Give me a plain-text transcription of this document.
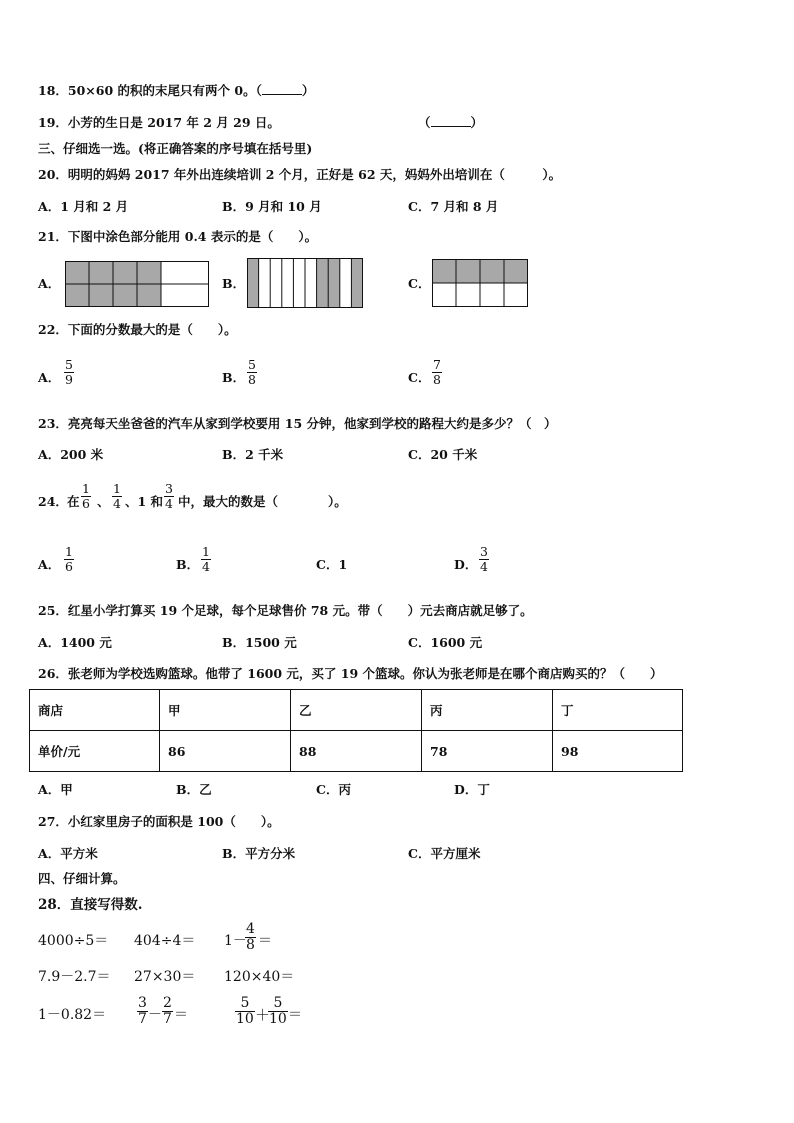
18．50×60 的积的末尾只有两个 0。（	）
19．小芳的生日是 2017 年 2 月 29 日。	（	）
三、仔细选一选。(将正确答案的序号填在括号里)
20．明明的妈妈 2017 年外出连续培训 2 个月，正好是 62 天，妈妈外出培训在（　　　）。
A．1 月和 2 月	B．9 月和 10 月	C．7 月和 8 月
21．下图中涂色部分能用 0.4 表示的是（　　）。
A．	B．	C．
22．下面的分数最大的是（　　）。
A．
5
9	B．
5
8	C．
7
8
23．亮亮每天坐爸爸的汽车从家到学校要用 15 分钟，他家到学校的路程大约是多少？（　）
A．200 米	B．2 千米	C．20 千米
24． 在
1
6 、
1
4 、1 和
3
4 中，最大的数是（　　　　）。
A．
1
6	B．
1
4	C．1	D．
3
4
25．红星小学打算买 19 个足球，每个足球售价 78 元。带（　　）元去商店就足够了。
A．1400 元	B．1500 元	C．1600 元
26．张老师为学校选购篮球。他带了 1600 元，买了 19 个篮球。你认为张老师是在哪个商店购买的？（　　）
商店	甲	乙	丙	丁
单价/元	86	88	78	98
A．甲	B．乙	C．丙	D．丁
27．小红家里房子的面积是 100（　　）。
A．平方米	B．平方分米	C．平方厘米
四、仔细计算。
28．直接写得数.
4000÷5＝ 404÷4＝ 1－
4
8 ＝
7.9－2.7＝ 27×30＝ 120×40＝
1－0.82＝
3
7 －
2
7 ＝
5
10 ＋
5
10 ＝
